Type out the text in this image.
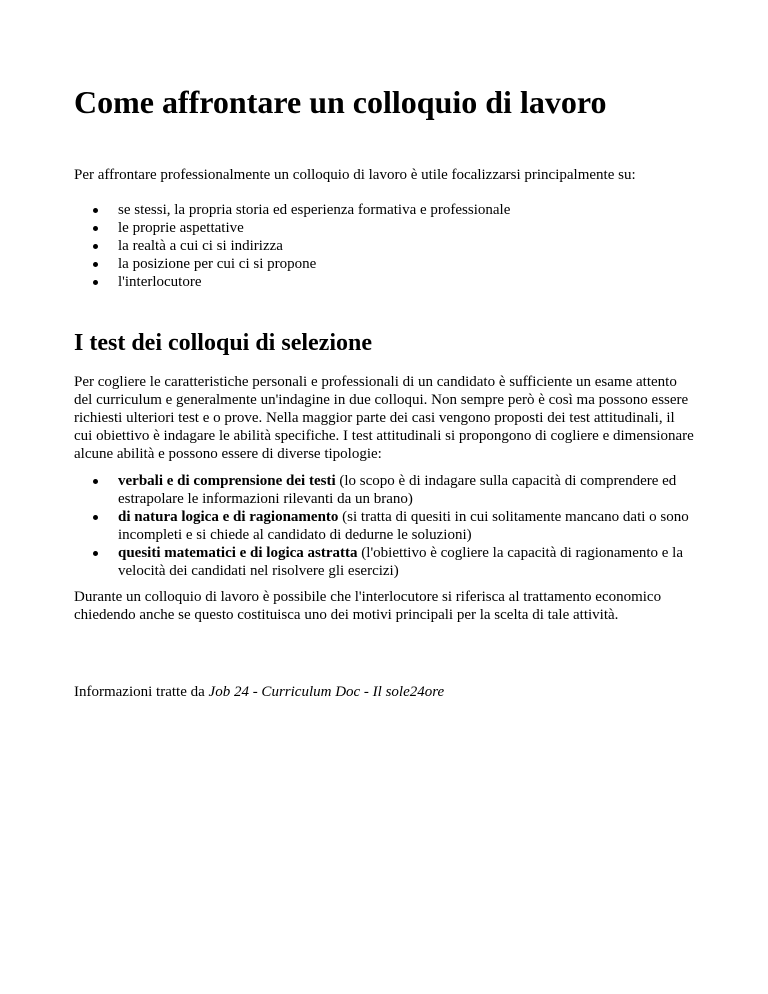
Come affrontare un colloquio di lavoro

Per affrontare professionalmente un colloquio di lavoro è utile focalizzarsi principalmente su:

se stessi, la propria storia ed esperienza formativa e professionale
le proprie aspettative
la realtà a cui ci si indirizza
la posizione per cui ci si propone
l'interlocutore
I test dei colloqui di selezione

Per cogliere le caratteristiche personali e professionali di un candidato è sufficiente un esame attento del curriculum e generalmente un'indagine in due colloqui. Non sempre però è così ma possono essere richiesti ulteriori test e o prove. Nella maggior parte dei casi vengono proposti dei test attitudinali, il cui obiettivo è indagare le abilità specifiche. I test attitudinali si propongono di cogliere e dimensionare alcune abilità e possono essere di diverse tipologie:

verbali e di comprensione dei testi (lo scopo è di indagare sulla capacità di comprendere ed estrapolare le informazioni rilevanti da un brano)
di natura logica e di ragionamento (si tratta di quesiti in cui solitamente mancano dati o sono incompleti e si chiede al candidato di dedurne le soluzioni)
quesiti matematici e di logica astratta (l'obiettivo è cogliere la capacità di ragionamento e la velocità dei candidati nel risolvere gli esercizi)

Durante un colloquio di lavoro è possibile che l'interlocutore si riferisca al trattamento economico chiedendo anche se questo costituisca uno dei motivi principali per la scelta di tale attività.

Informazioni tratte da Job 24 - Curriculum Doc - Il sole24ore
